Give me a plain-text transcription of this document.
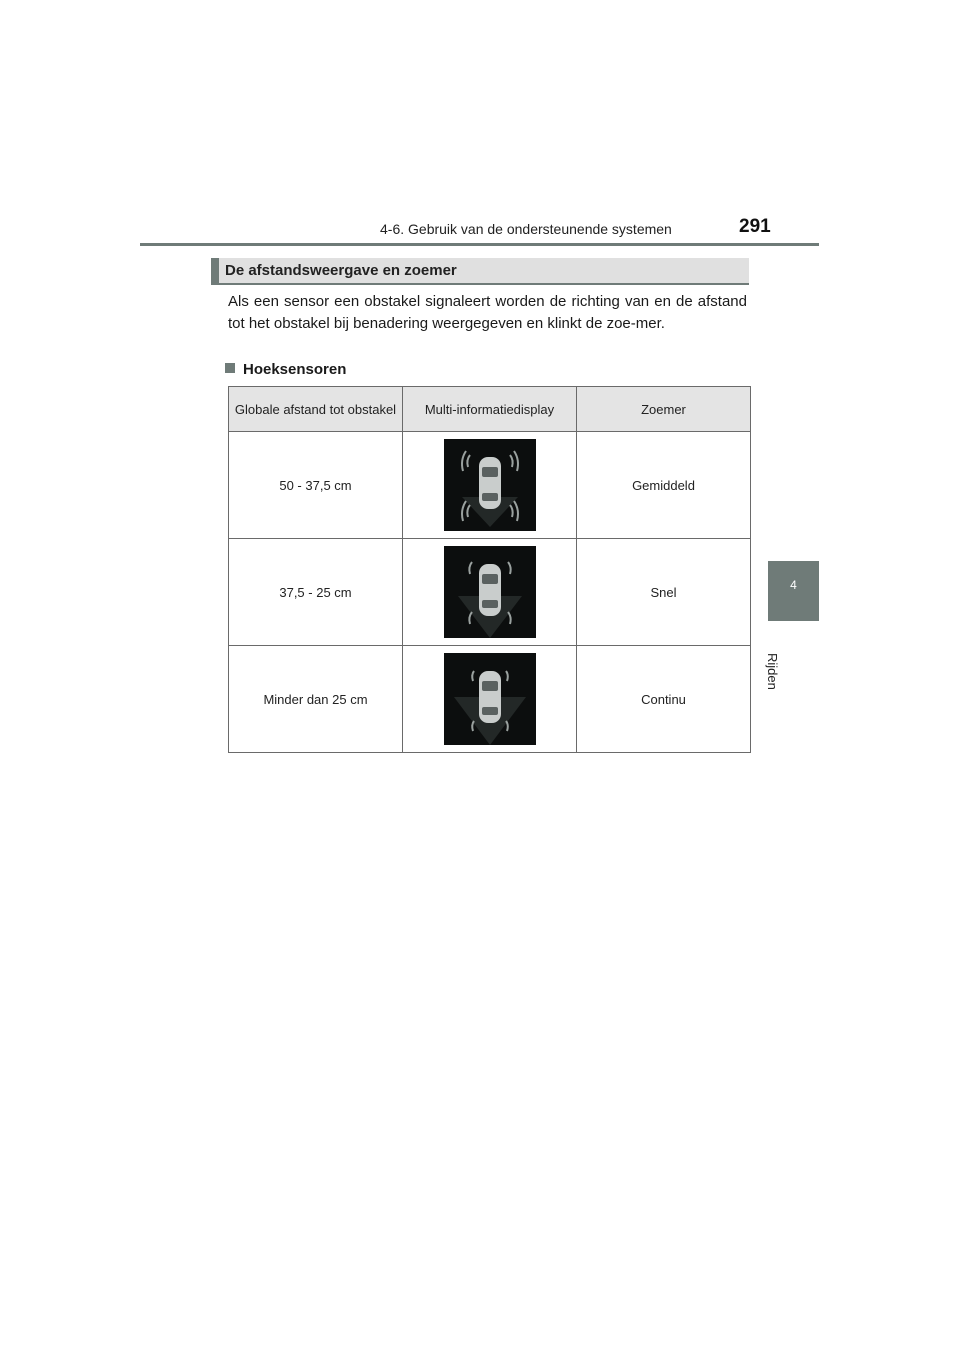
4-6. Gebruik van de ondersteunende systemen	291
4
Rijden
De afstandsweergave en zoemer

Als een sensor een obstakel signaleert worden de richting van en de afstand tot het obstakel bij benadering weergegeven en klinkt de zoe-mer.

Hoeksensoren
Globale afstand tot obstakel	Multi-informatiedisplay	Zoemer
50 - 37,5 cm		Gemiddeld
37,5 - 25 cm		Snel
Minder dan 25 cm		Continu
